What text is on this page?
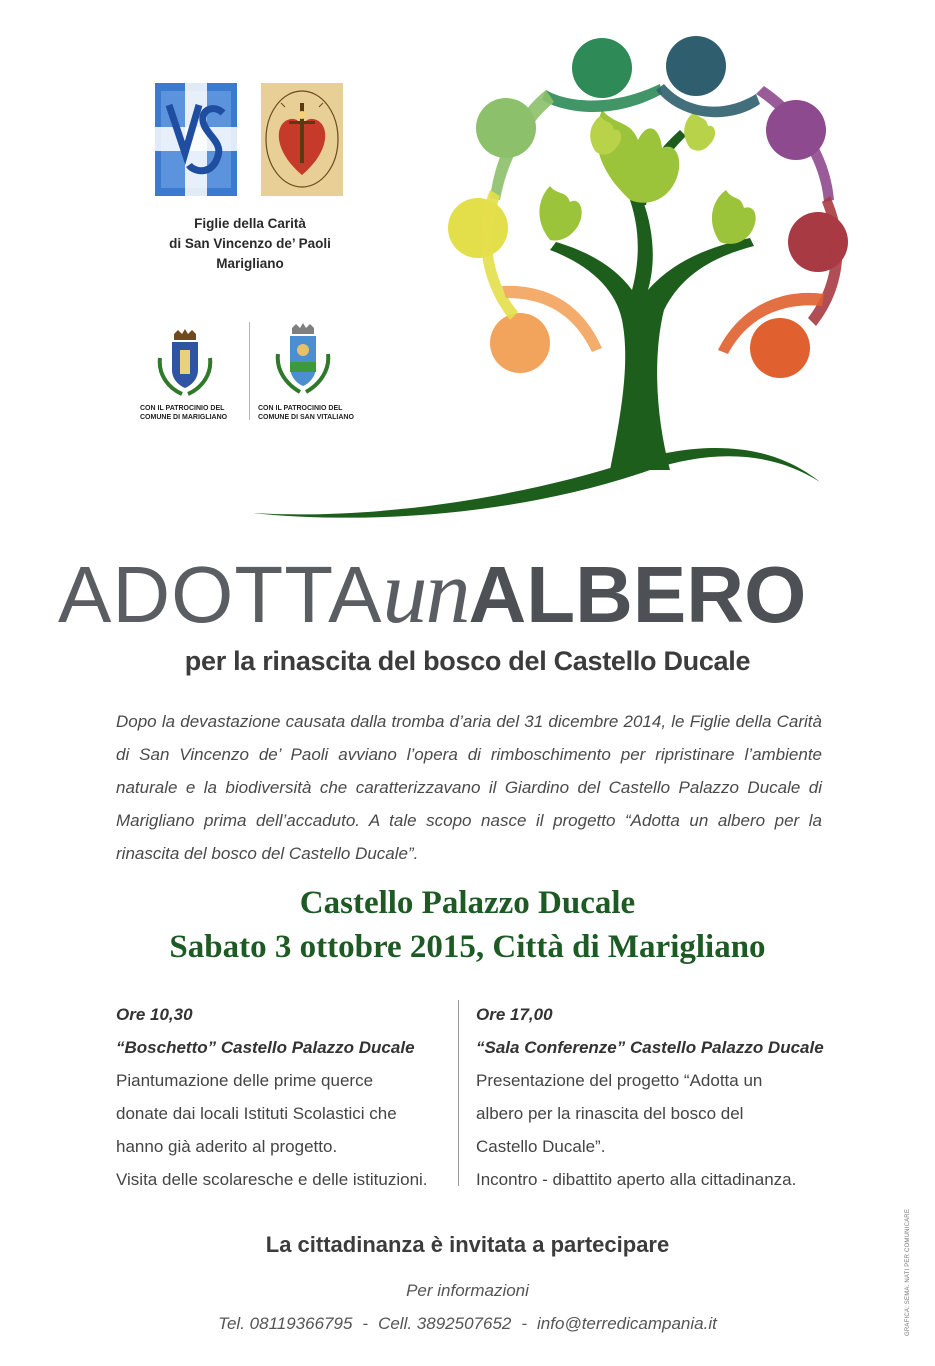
Figlie della Carità
di San Vincenzo de’ Paoli
Marigliano
CON IL PATROCINIO DEL
COMUNE DI MARIGLIANO
CON IL PATROCINIO DEL
COMUNE DI SAN VITALIANO
ADOTTAunALBERO
per la rinascita del bosco del Castello Ducale

Dopo la devastazione causata dalla tromba d’aria del 31 dicembre 2014, le Figlie della Carità di San Vincenzo de’ Paoli avviano l’opera di rimboschimento per ripristinare l’ambiente naturale e la biodiversità che caratterizzavano il Giardino del Castello Palazzo Ducale di Marigliano prima dell’accaduto. A tale scopo nasce il progetto “Adotta un albero per la rinascita del bosco del Castello Ducale”.

Castello Palazzo Ducale
Sabato 3 ottobre 2015, Città di Marigliano
Ore 10,30
“Boschetto” Castello Palazzo Ducale
Piantumazione delle prime querce
donate dai locali Istituti Scolastici che
hanno già aderito al progetto.
Visita delle scolaresche e delle istituzioni.
Ore 17,00
“Sala Conferenze” Castello Palazzo Ducale
Presentazione del progetto “Adotta un
albero per la rinascita del bosco del
Castello Ducale”.
Incontro - dibattito aperto alla cittadinanza.
La cittadinanza è invitata a partecipare
Per informazioni
Tel. 08119366795 - Cell. 3892507652 - info@terredicampania.it	GRAFICA: SEMA. NATI PER COMUNICARE
